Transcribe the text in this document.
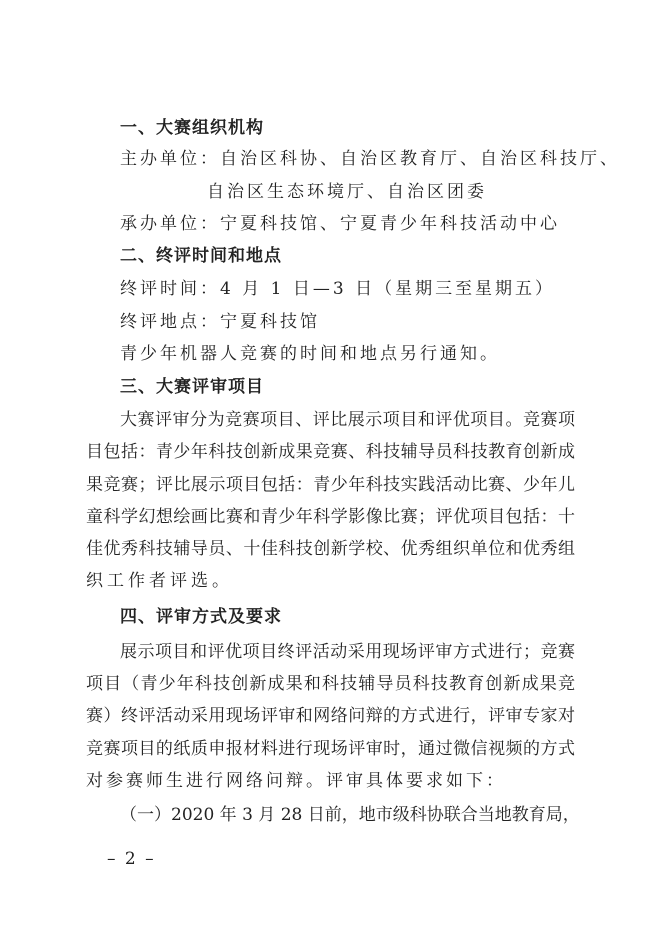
一、大赛组织机构
主办单位：自治区科协、自治区教育厅、自治区科技厅、
自治区生态环境厅、自治区团委
承办单位：宁夏科技馆、宁夏青少年科技活动中心
二、终评时间和地点
终评时间：4 月 1 日—3 日（星期三至星期五）
终评地点：宁夏科技馆
青少年机器人竞赛的时间和地点另行通知。
三、大赛评审项目
大赛评审分为竞赛项目、评比展示项目和评优项目。竞赛项
目包括：青少年科技创新成果竞赛、科技辅导员科技教育创新成
果竞赛；评比展示项目包括：青少年科技实践活动比赛、少年儿
童科学幻想绘画比赛和青少年科学影像比赛；评优项目包括：十
佳优秀科技辅导员、十佳科技创新学校、优秀组织单位和优秀组
织工作者评选。
四、评审方式及要求
展示项目和评优项目终评活动采用现场评审方式进行；竞赛
项目（青少年科技创新成果和科技辅导员科技教育创新成果竞
赛）终评活动采用现场评审和网络问辩的方式进行，评审专家对
竞赛项目的纸质申报材料进行现场评审时，通过微信视频的方式
对参赛师生进行网络问辩。评审具体要求如下：
（一）2020 年 3 月 28 日前，地市级科协联合当地教育局，
– 2 –
